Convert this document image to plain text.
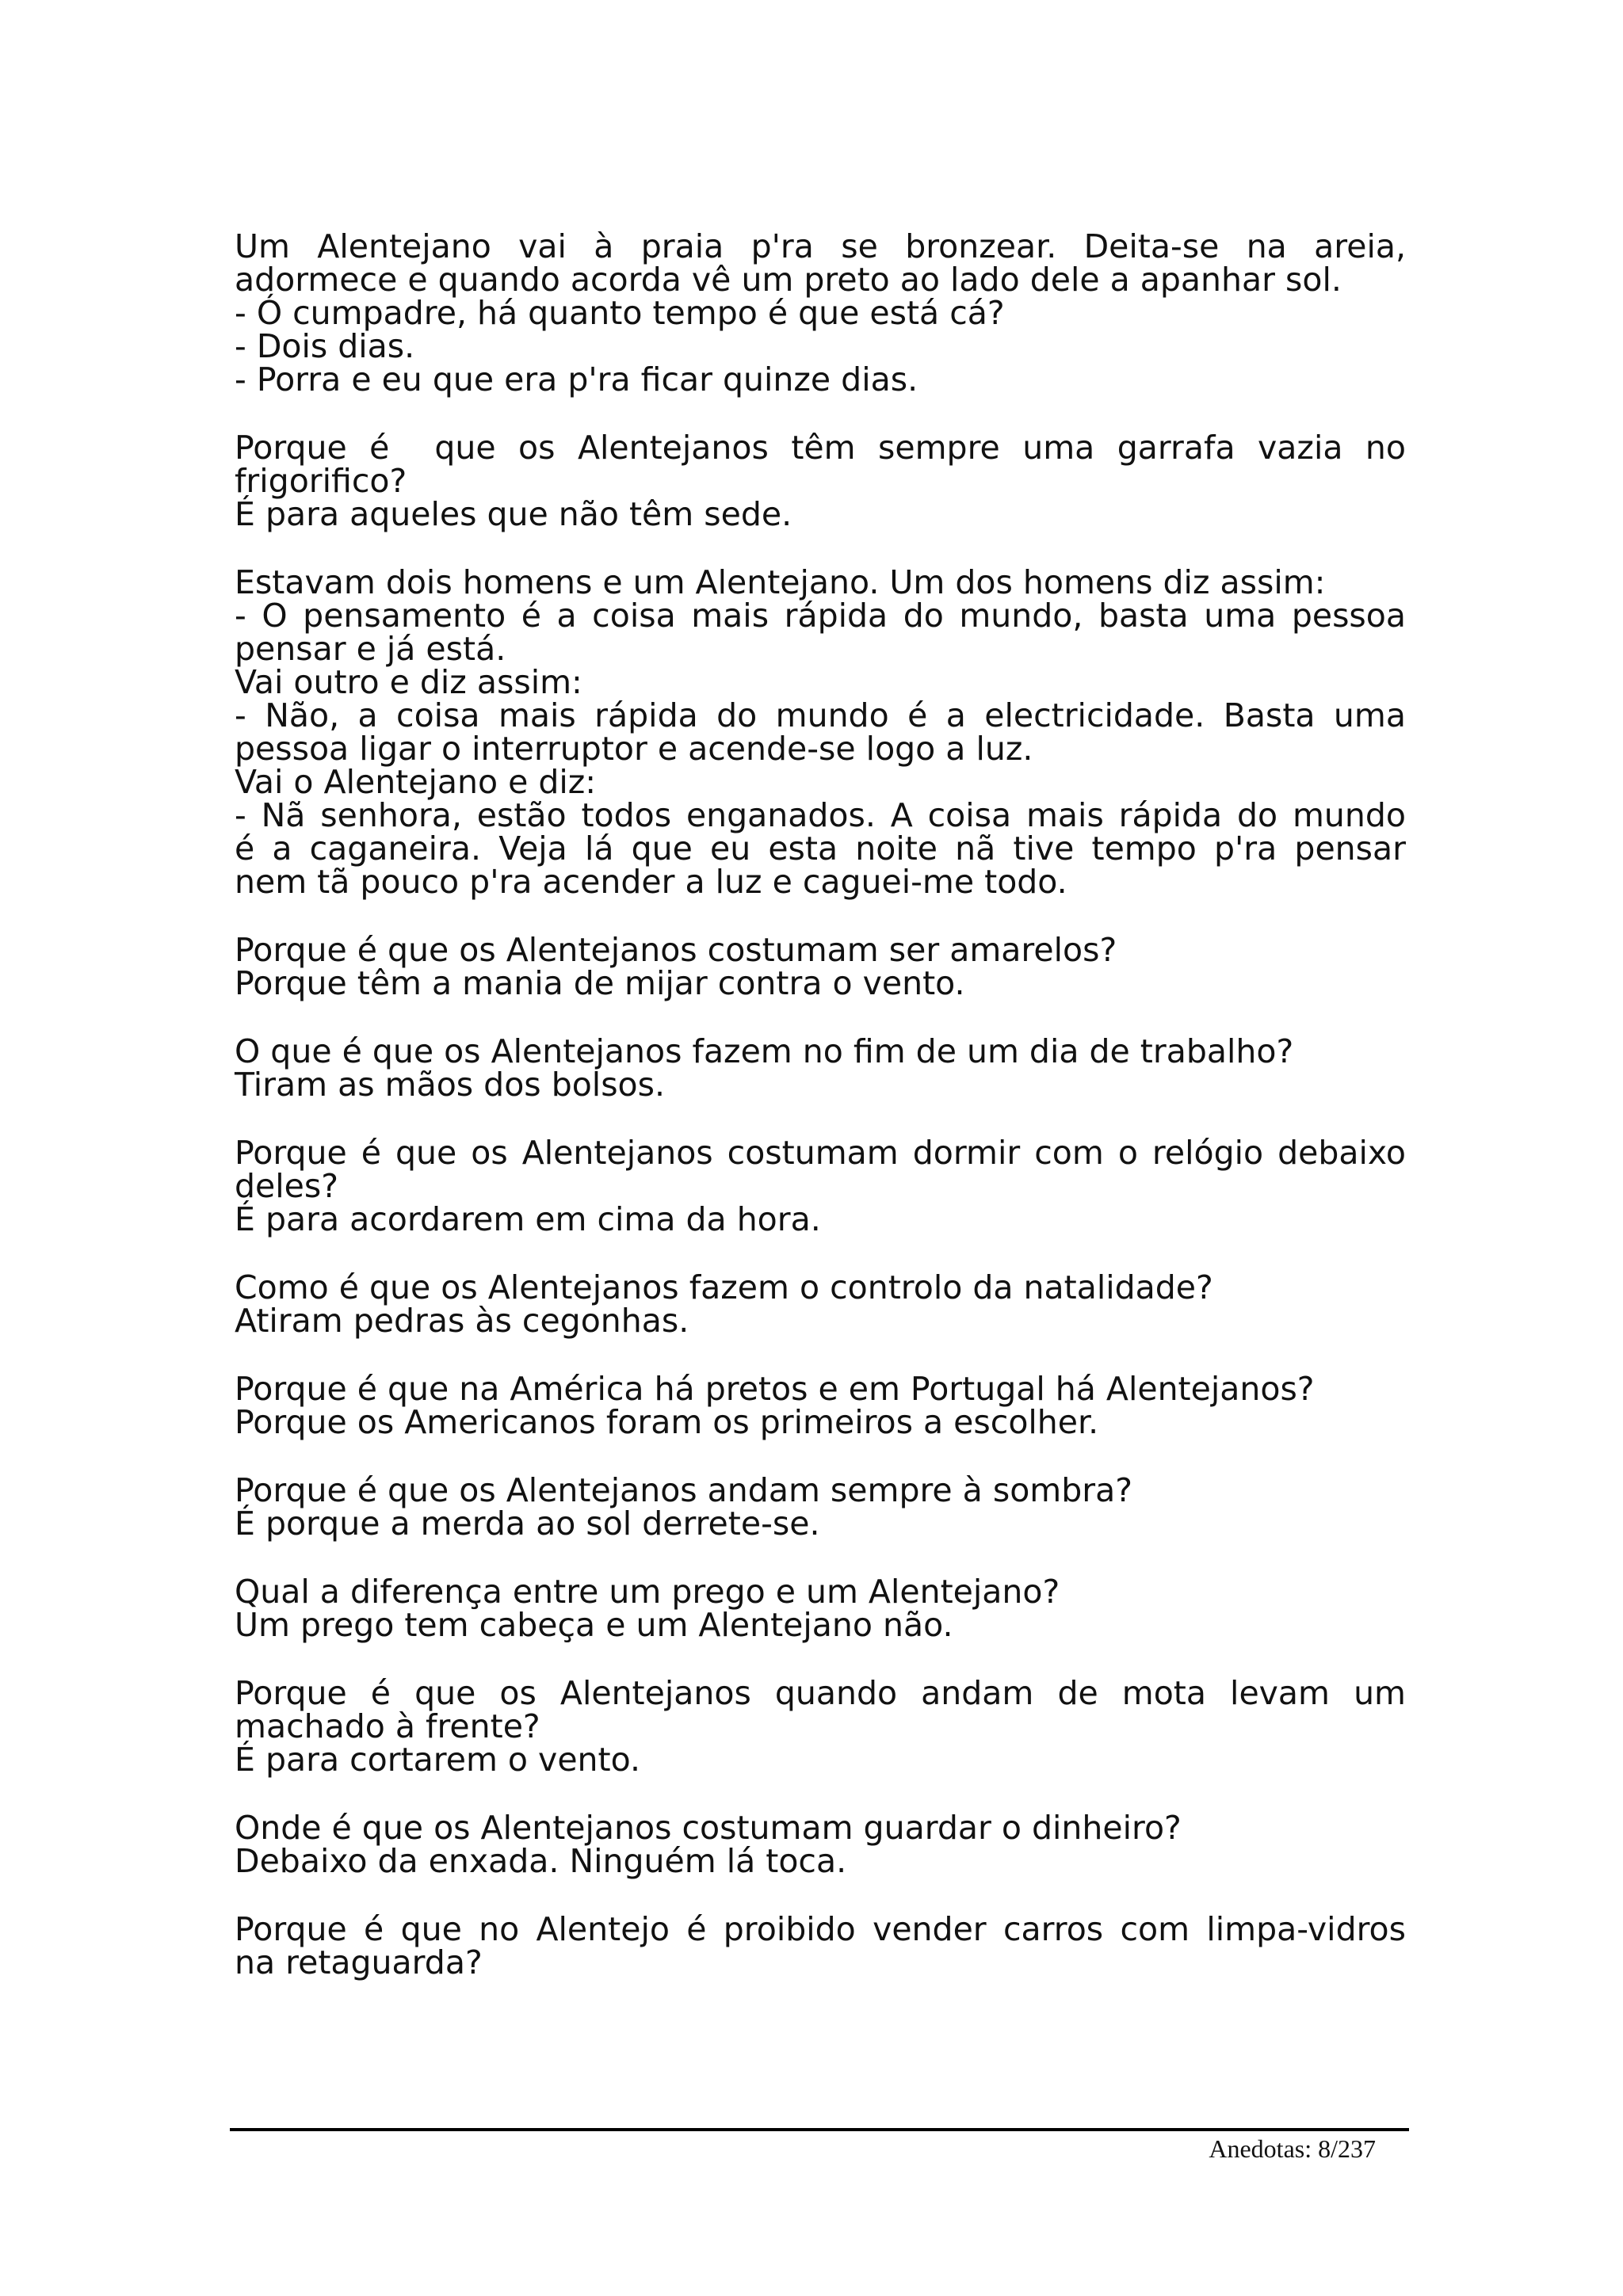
Um Alentejano vai à praia p'ra se bronzear. Deita-se na areia,
adormece e quando acorda vê um preto ao lado dele a apanhar sol.
- Ó cumpadre, há quanto tempo é que está cá?
- Dois dias.
- Porra e eu que era p'ra ficar quinze dias.
Porque é  que os Alentejanos têm sempre uma garrafa vazia no
frigorifico?
É para aqueles que não têm sede.
Estavam dois homens e um Alentejano. Um dos homens diz assim:
- O pensamento é a coisa mais rápida do mundo, basta uma pessoa
pensar e já está.
Vai outro e diz assim:
- Não, a coisa mais rápida do mundo é a electricidade. Basta uma
pessoa ligar o interruptor e acende-se logo a luz.
Vai o Alentejano e diz:
- Nã senhora, estão todos enganados. A coisa mais rápida do mundo
é a caganeira. Veja lá que eu esta noite nã tive tempo p'ra pensar
nem tã pouco p'ra acender a luz e caguei-me todo.
Porque é que os Alentejanos costumam ser amarelos?
Porque têm a mania de mijar contra o vento.
O que é que os Alentejanos fazem no fim de um dia de trabalho?
Tiram as mãos dos bolsos.
Porque é que os Alentejanos costumam dormir com o relógio debaixo
deles?
É para acordarem em cima da hora.
Como é que os Alentejanos fazem o controlo da natalidade?
Atiram pedras às cegonhas.
Porque é que na América há pretos e em Portugal há Alentejanos?
Porque os Americanos foram os primeiros a escolher.
Porque é que os Alentejanos andam sempre à sombra?
É porque a merda ao sol derrete-se.
Qual a diferença entre um prego e um Alentejano?
Um prego tem cabeça e um Alentejano não.
Porque é que os Alentejanos quando andam de mota levam um
machado à frente?
É para cortarem o vento.
Onde é que os Alentejanos costumam guardar o dinheiro?
Debaixo da enxada. Ninguém lá toca.
Porque é que no Alentejo é proibido vender carros com limpa-vidros
na retaguarda?
Anedotas: 8/237
